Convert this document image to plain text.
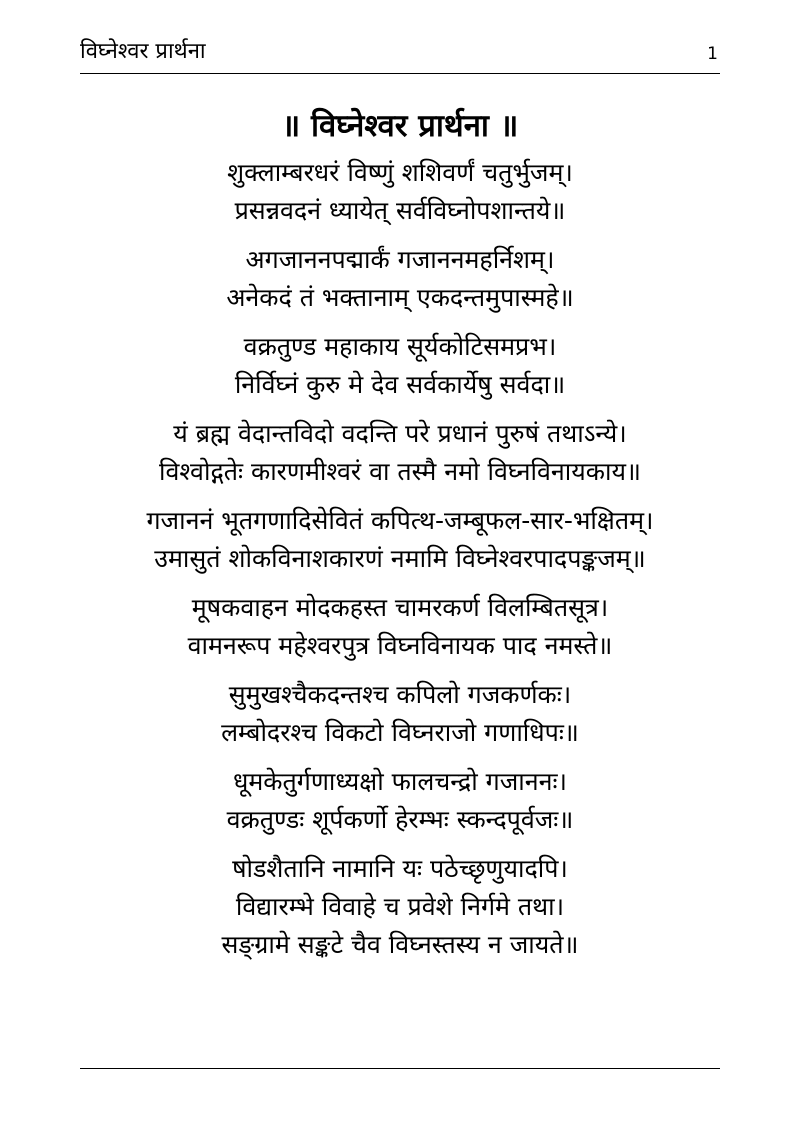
विघ्नेश्वर प्रार्थना	1
॥ विघ्नेश्वर प्रार्थना ॥
शुक्लाम्बरधरं विष्णुं शशिवर्णं चतुर्भुजम्।
प्रसन्नवदनं ध्यायेत् सर्वविघ्नोपशान्तये॥
अगजाननपद्मार्कं गजाननमहर्निशम्।
अनेकदं तं भक्तानाम् एकदन्तमुपास्महे॥
वक्रतुण्ड महाकाय सूर्यकोटिसमप्रभ।
निर्विघ्नं कुरु मे देव सर्वकार्येषु सर्वदा॥
यं ब्रह्म वेदान्तविदो वदन्ति परे प्रधानं पुरुषं तथाऽन्ये।
विश्वोद्गतेः कारणमीश्वरं वा तस्मै नमो विघ्नविनायकाय॥
गजाननं भूतगणादिसेवितं कपित्थ-जम्बूफल-सार-भक्षितम्।
उमासुतं शोकविनाशकारणं नमामि विघ्नेश्वरपादपङ्कजम्॥
मूषकवाहन मोदकहस्त चामरकर्ण विलम्बितसूत्र।
वामनरूप महेश्वरपुत्र विघ्नविनायक पाद नमस्ते॥
सुमुखश्चैकदन्तश्च कपिलो गजकर्णकः।
लम्बोदरश्च विकटो विघ्नराजो गणाधिपः॥
धूमकेतुर्गणाध्यक्षो फालचन्द्रो गजाननः।
वक्रतुण्डः शूर्पकर्णो हेरम्भः स्कन्दपूर्वजः॥
षोडशैतानि नामानि यः पठेच्छृणुयादपि।
विद्यारम्भे विवाहे च प्रवेशे निर्गमे तथा।
सङ्ग्रामे सङ्कटे चैव विघ्नस्तस्य न जायते॥
